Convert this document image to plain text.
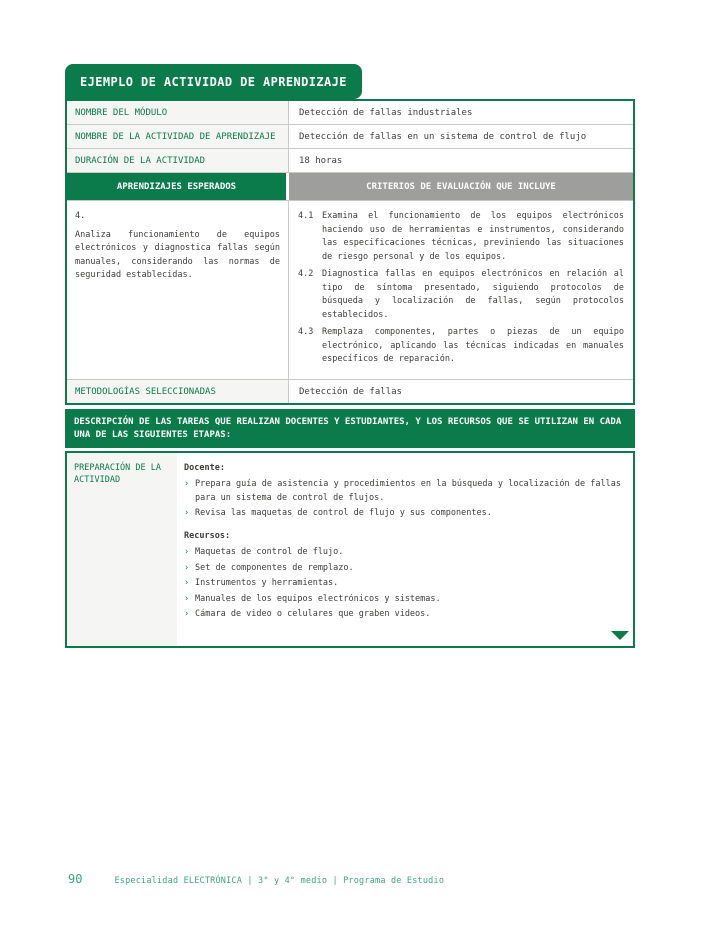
EJEMPLO DE ACTIVIDAD DE APRENDIZAJE
NOMBRE DEL MÓDULO	Detección de fallas industriales
NOMBRE DE LA ACTIVIDAD DE APRENDIZAJE	Detección de fallas en un sistema de control de flujo
DURACIÓN DE LA ACTIVIDAD	18 horas
APRENDIZAJES ESPERADOS	CRITERIOS DE EVALUACIÓN QUE INCLUYE
4.
Analiza funcionamiento de equipos electrónicos y diagnostica fallas según manuales, considerando las normas de seguridad establecidas.
4.1	Examina el funcionamiento de los equipos electrónicos haciendo uso de herramientas e instrumentos, considerando las especificaciones técnicas, previniendo las situaciones de riesgo personal y de los equipos.
4.2	Diagnostica fallas en equipos electrónicos en relación al tipo de síntoma presentado, siguiendo protocolos de búsqueda y localización de fallas, según protocolos establecidos.
4.3	Remplaza componentes, partes o piezas de un equipo electrónico, aplicando las técnicas indicadas en manuales específicos de reparación.
METODOLOGÍAS SELECCIONADAS	Detección de fallas
DESCRIPCIÓN DE LAS TAREAS QUE REALIZAN DOCENTES Y ESTUDIANTES, Y LOS RECURSOS QUE SE UTILIZAN EN CADA UNA DE LAS SIGUIENTES ETAPAS:
PREPARACIÓN DE LA ACTIVIDAD
Docente:
› Prepara guía de asistencia y procedimientos en la búsqueda y localización de fallas para un sistema de control de flujos.
› Revisa las maquetas de control de flujo y sus componentes.
Recursos:
› Maquetas de control de flujo.
› Set de componentes de remplazo.
› Instrumentos y herramientas.
› Manuales de los equipos electrónicos y sistemas.
› Cámara de video o celulares que graben videos.
90	Especialidad ELECTRÓNICA | 3° y 4° medio | Programa de Estudio
